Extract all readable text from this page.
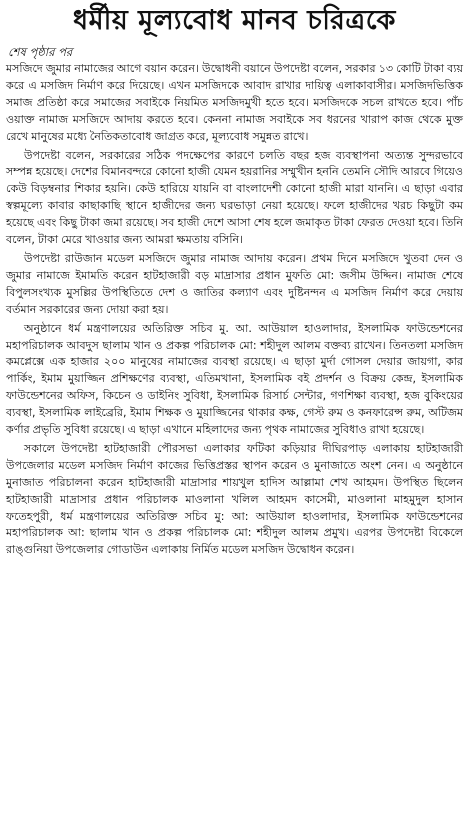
ধর্মীয় মূল্যবোধ মানব চরিত্রকে
শেষ পৃষ্ঠার পর

মসজিদে জুমার নামাজের আগে বয়ান করেন। উদ্বোধনী বয়ানে উপদেষ্টা বলেন, সরকার ১৩ কোটি টাকা ব্যয় করে এ মসজিদ নির্মাণ করে দিয়েছে। এখন মসজিদকে আবাদ রাখার দায়িত্ব এলাকাবাসীর। মসজিদভিত্তিক সমাজ প্রতিষ্ঠা করে সমাজের সবাইকে নিয়মিত মসজিদমুখী হতে হবে। মসজিদকে সচল রাখতে হবে। পাঁচ ওয়াক্ত নামাজ মসজিদে আদায় করতে হবে। কেননা নামাজ সবাইকে সব ধরনের খারাপ কাজ থেকে মুক্ত রেখে মানুষের মধ্যে নৈতিকতাবোধ জাগ্রত করে, মূল্যবোধ সমুন্নত রাখে।

উপদেষ্টা বলেন, সরকারের সঠিক পদক্ষেপের কারণে চলতি বছর হজ ব্যবস্থাপনা অত্যন্ত সুন্দরভাবে সম্পন্ন হয়েছে। দেশের বিমানবন্দরে কোনো হাজী যেমন হয়রানির সম্মুখীন হননি তেমনি সৌদি আরবে গিয়েও কেউ বিড়ম্বনার শিকার হয়নি। কেউ হারিয়ে যায়নি বা বাংলাদেশী কোনো হাজী মারা যাননি। এ ছাড়া এবার স্বল্পমূল্যে কাবার কাছাকাছি স্থানে হাজীদের জন্য ঘরভাড়া নেয়া হয়েছে। ফলে হাজীদের খরচ কিছুটা কম হয়েছে এবং কিছু টাকা জমা রয়েছে। সব হাজী দেশে আসা শেষ হলে জমাকৃত টাকা ফেরত দেওয়া হবে। তিনি বলেন, টাকা মেরে খাওয়ার জন্য আমরা ক্ষমতায় বসিনি।

উপদেষ্টা রাউজান মডেল মসজিদে জুমার নামাজ আদায় করেন। প্রথম দিনে মসজিদে খুতবা দেন ও জুমার নামাজে ইমামতি করেন হাটহাজারী বড় মাদ্রাসার প্রধান মুফতি মো: জসীম উদ্দিন। নামাজ শেষে বিপুলসংখ্যক মুসল্লির উপস্থিতিতে দেশ ও জাতির কল্যাণ এবং দুষ্টিনন্দন এ মসজিদ নির্মাণ করে দেয়ায় বর্তমান সরকারের জন্য দোয়া করা হয়।

অনুষ্ঠানে ধর্ম মন্ত্রণালয়ের অতিরিক্ত সচিব মু. আ. আউয়াল হাওলাদার, ইসলামিক ফাউন্ডেশনের মহাপরিচালক আবদুস ছালাম খান ও প্রকল্প পরিচালক মো: শহীদুল আলম বক্তব্য রাখেন। তিনতলা মসজিদ কমপ্লেক্সে এক হাজার ২০০ মানুষের নামাজের ব্যবস্থা রয়েছে। এ ছাড়া মুর্দা গোসল দেয়ার জায়গা, কার পার্কিং, ইমাম মুয়াজ্জিন প্রশিক্ষণের ব্যবস্থা, এতিমখানা, ইসলামিক বই প্রদর্শন ও বিক্রয় কেন্দ্র, ইসলামিক ফাউন্ডেশনের অফিস, কিচেন ও ডাইনিং সুবিধা, ইসলামিক রিসার্চ সেন্টার, গণশিক্ষা ব্যবস্থা, হজ বুকিংয়ের ব্যবস্থা, ইসলামিক লাইব্রেরি, ইমাম শিক্ষক ও মুয়াজ্জিনের থাকার কক্ষ, গেস্ট রুম ও কনফারেন্স রুম, অটিজম কর্ণার প্রভৃতি সুবিধা রয়েছে। এ ছাড়া এখানে মহিলাদের জন্য পৃথক নামাজের সুবিধাও রাখা হয়েছে।

সকালে উপদেষ্টা হাটহাজারী পৌরসভা এলাকার ফটিকা কড়িয়ার দীঘিরপাড় এলাকায় হাটহাজারী উপজেলার মডেল মসজিদ নির্মাণ কাজের ভিত্তিপ্রস্তর স্থাপন করেন ও মুনাজাতে অংশ নেন। এ অনুষ্ঠানে মুনাজাত পরিচালনা করেন হাটহাজারী মাদ্রাসার শায়খুল হাদিস আল্লামা শেখ আহমদ। উপস্থিত ছিলেন হাটহাজারী মাদ্রাসার প্রধান পরিচালক মাওলানা খলিল আহমদ কাসেমী, মাওলানা মাহমুদুল হাসান ফতেহপুরী, ধর্ম মন্ত্রণালয়ের অতিরিক্ত সচিব মু: আ: আউয়াল হাওলাদার, ইসলামিক ফাউন্ডেশনের মহাপরিচালক আ: ছালাম খান ও প্রকল্প পরিচালক মো: শহীদুল আলম প্রমুখ। এরপর উপদেষ্টা বিকেলে রাঙ্গুনিয়া উপজেলার গোডাউন এলাকায় নির্মিত মডেল মসজিদ উদ্বোধন করেন।
